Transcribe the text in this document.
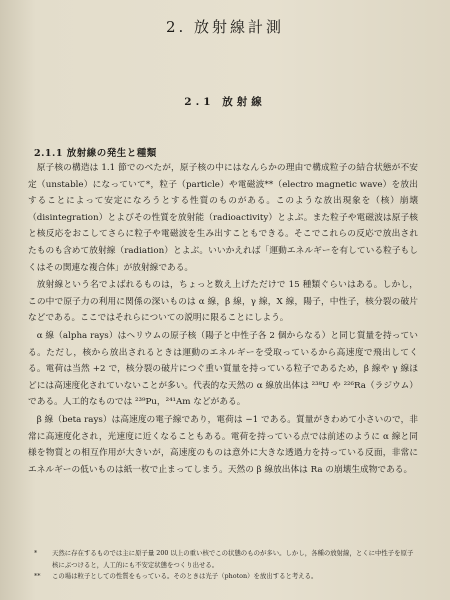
2. 放射線計測
2.1 放射線
2.1.1 放射線の発生と種類

原子核の構造は 1.1 節でのべたが，原子核の中にはなんらかの理由で構成粒子の結合状態が不安定（unstable）になっていて*，粒子（particle）や電磁波**（electro magnetic wave）を放出することによって安定になろうとする性質のものがある。このような放出現象を（核）崩壊（disintegration）とよびその性質を放射能（radioactivity）とよぶ。また粒子や電磁波は原子核と核反応をおこしてさらに粒子や電磁波を生み出すこともできる。そこでこれらの反応で放出されたものも含めて放射線（radiation）とよぶ。いいかえれば「運動エネルギーを有している粒子もしくはその関連な複合体」が放射線である。

放射線という名でよばれるものは，ちょっと数え上げただけで 15 種類ぐらいはある。しかし，この中で原子力の利用に関係の深いものは α 線，β 線，γ 線，X 線，陽子，中性子，核分裂の破片などである。ここではそれらについての説明に限ることにしよう。

α 線（alpha rays）はヘリウムの原子核（陽子と中性子各 2 個からなる）と同じ質量を持っている。ただし，核から放出されるときは運動のエネルギーを受取っているから高速度で飛出してくる。電荷は当然 +2 で，核分裂の破片につぐ重い質量を持っている粒子であるため，β 線や γ 線ほどには高速度化されていないことが多い。代表的な天然の α 線放出体は ²³⁸U や ²²⁶Ra（ラジウム）である。人工的なものでは ²³⁹Pu，²⁴¹Am などがある。

β 線（beta rays）は高速度の電子線であり，電荷は −1 である。質量がきわめて小さいので，非常に高速度化され，光速度に近くなることもある。電荷を持っている点では前述のように α 線と同様を物質との相互作用が大きいが，高速度のものは意外に大きな透過力を持っている反面，非常にエネルギーの低いものは紙一枚で止まってしまう。天然の β 線放出体は Ra の崩壊生成物である。

*	天然に存在するものでは主に原子量 200 以上の重い核でこの状態のものが多い。しかし，各種の放射線，とくに中性子を原子核にぶつけると，人工的にも不安定状態をつくり出せる。
**	この場は粒子としての性質をもっている。そのときは光子（photon）を放出すると考える。
